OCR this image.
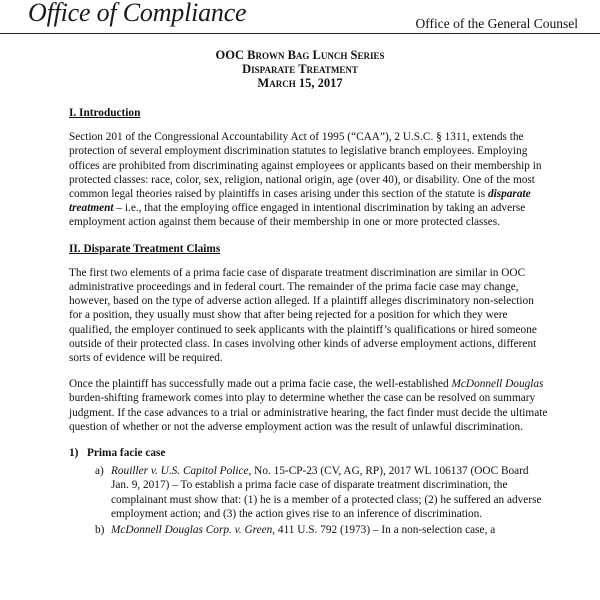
Office of Compliance	Office of the General Counsel
OOC Brown Bag Lunch Series
Disparate Treatment
March 15, 2017
I. Introduction

Section 201 of the Congressional Accountability Act of 1995 (“CAA”), 2 U.S.C. § 1311, extends the protection of several employment discrimination statutes to legislative branch employees. Employing offices are prohibited from discriminating against employees or applicants based on their membership in protected classes: race, color, sex, religion, national origin, age (over 40), or disability. One of the most common legal theories raised by plaintiffs in cases arising under this section of the statute is disparate treatment – i.e., that the employing office engaged in intentional discrimination by taking an adverse employment action against them because of their membership in one or more protected classes.

II. Disparate Treatment Claims

The first two elements of a prima facie case of disparate treatment discrimination are similar in OOC administrative proceedings and in federal court. The remainder of the prima facie case may change, however, based on the type of adverse action alleged. If a plaintiff alleges discriminatory non-selection for a position, they usually must show that after being rejected for a position for which they were qualified, the employer continued to seek applicants with the plaintiff’s qualifications or hired someone outside of their protected class. In cases involving other kinds of adverse employment actions, different sorts of evidence will be required.

Once the plaintiff has successfully made out a prima facie case, the well-established McDonnell Douglas burden-shifting framework comes into play to determine whether the case can be resolved on summary judgment. If the case advances to a trial or administrative hearing, the fact finder must decide the ultimate question of whether or not the adverse employment action was the result of unlawful discrimination.

1) Prima facie case
a) Rouiller v. U.S. Capitol Police, No. 15-CP-23 (CV, AG, RP), 2017 WL 106137 (OOC Board Jan. 9, 2017) – To establish a prima facie case of disparate treatment discrimination, the complainant must show that: (1) he is a member of a protected class; (2) he suffered an adverse employment action; and (3) the action gives rise to an inference of discrimination.
b) McDonnell Douglas Corp. v. Green, 411 U.S. 792 (1973) – In a non-selection case, a
